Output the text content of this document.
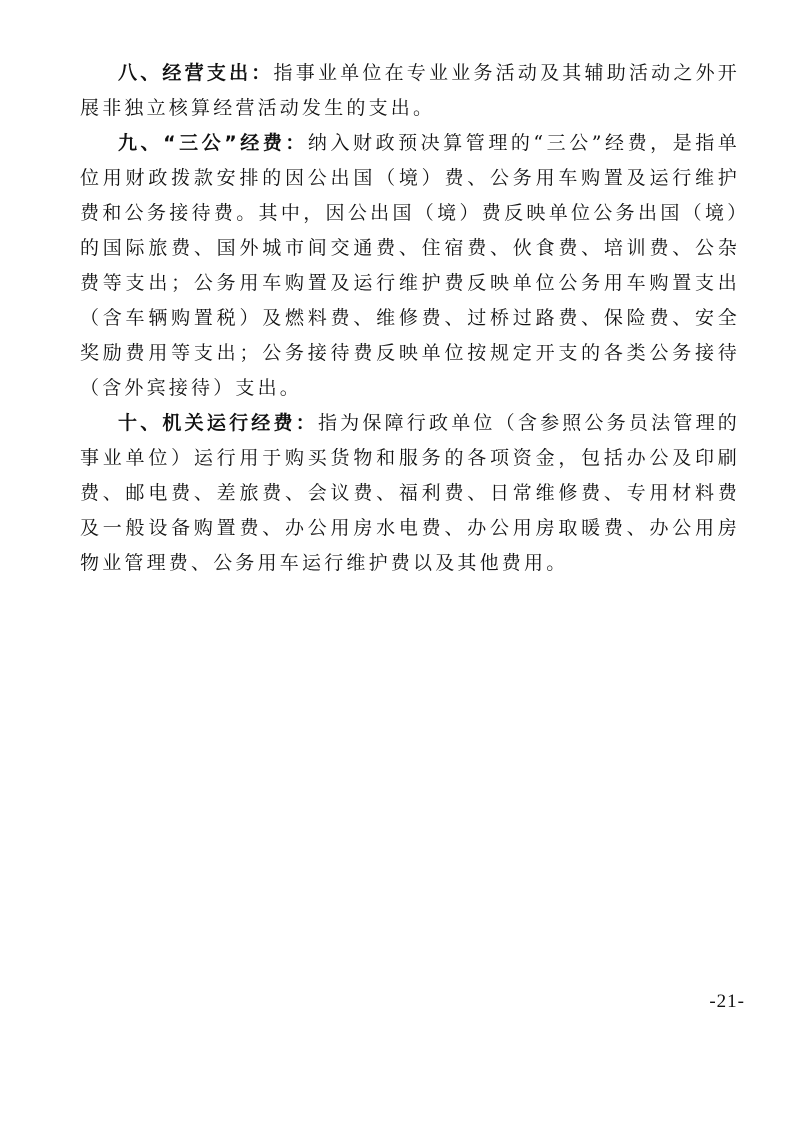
八、经营支出：指事业单位在专业业务活动及其辅助活动之外开展非独立核算经营活动发生的支出。

九、“三公”经费：纳入财政预决算管理的“三公”经费，是指单位用财政拨款安排的因公出国（境）费、公务用车购置及运行维护费和公务接待费。其中，因公出国（境）费反映单位公务出国（境）的国际旅费、国外城市间交通费、住宿费、伙食费、培训费、公杂费等支出；公务用车购置及运行维护费反映单位公务用车购置支出（含车辆购置税）及燃料费、维修费、过桥过路费、保险费、安全奖励费用等支出；公务接待费反映单位按规定开支的各类公务接待（含外宾接待）支出。

十、机关运行经费：指为保障行政单位（含参照公务员法管理的事业单位）运行用于购买货物和服务的各项资金，包括办公及印刷费、邮电费、差旅费、会议费、福利费、日常维修费、专用材料费及一般设备购置费、办公用房水电费、办公用房取暖费、办公用房物业管理费、公务用车运行维护费以及其他费用。

-21-
